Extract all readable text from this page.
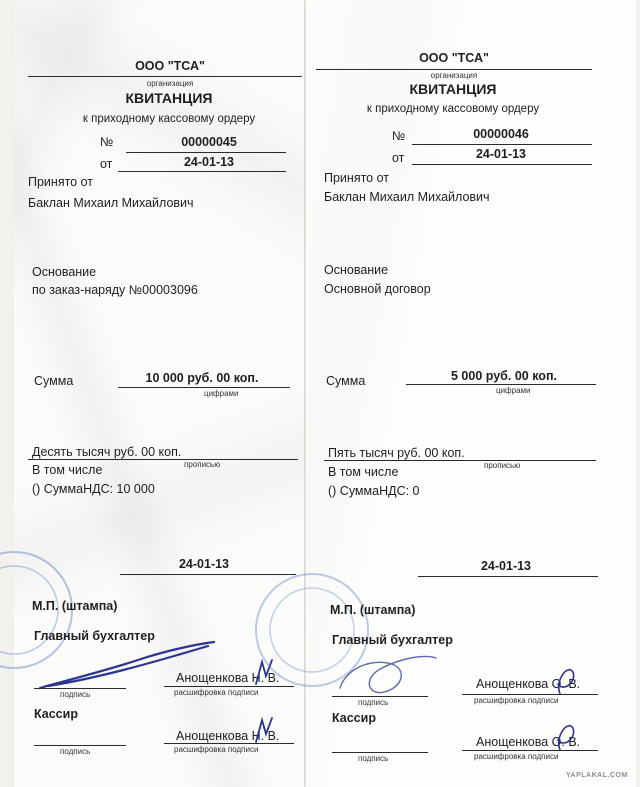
ООО "ТСА"
организация
КВИТАНЦИЯ
к приходному кассовому ордеру
№	00000045
от	24-01-13
Принято от
Баклан Михаил Михайлович
Основание
по заказ-наряду №00003096
Сумма	10 000 руб. 00 коп.
цифрами
Десять тысяч руб. 00 коп.
прописью
В том числе
() СуммаНДС: 10 000
24-01-13
М.П. (штампа)
Главный бухгалтер
подпись
Анощенкова Н. В.
расшифровка подписи
Кассир
подпись
Анощенкова Н. В.
расшифровка подписи
ООО "ТСА"
организация
КВИТАНЦИЯ
к приходному кассовому ордеру
№	00000046
от	24-01-13
Принято от
Баклан Михаил Михайлович
Основание
Основной договор
Сумма	5 000 руб. 00 коп.
цифрами
Пять тысяч руб. 00 коп.
прописью
В том числе
() СуммаНДС: 0
24-01-13
М.П. (штампа)
Главный бухгалтер
подпись
Анощенкова О. В.
расшифровка подписи
Кассир
подпись
Анощенкова О. В.
расшифровка подписи
YAPLAKAL.COM
